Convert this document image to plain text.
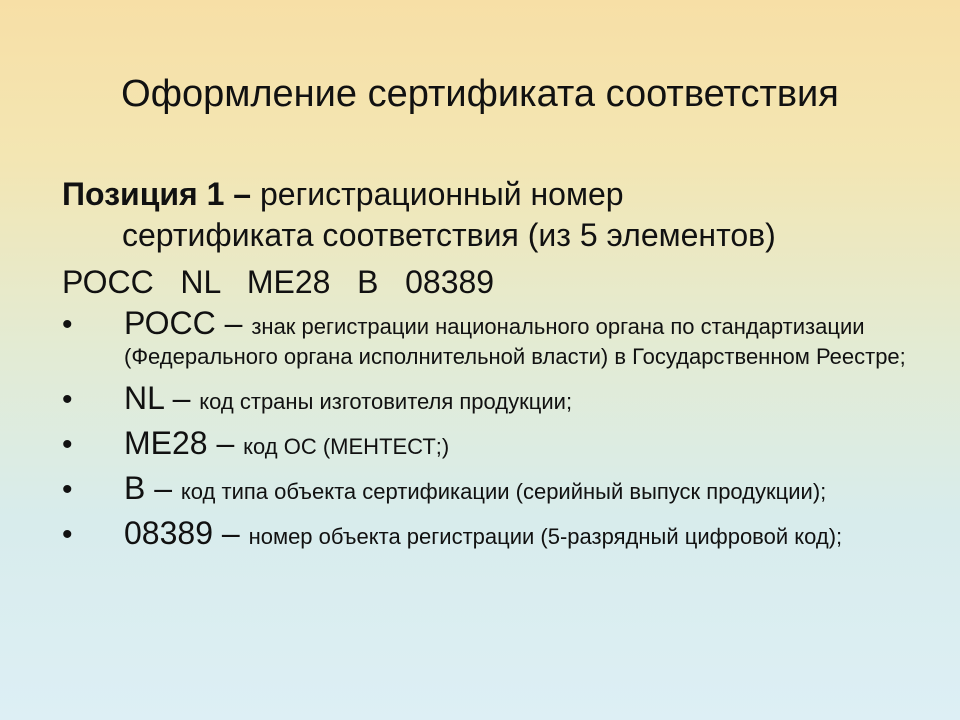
Оформление сертификата соответствия
Позиция 1 – регистрационный номер
сертификата соответствия (из 5 элементов)
РОСС NL МЕ28 В 08389
• РОСС – знак регистрации национального органа по стандартизации (Федерального органа исполнительной власти) в Государственном Реестре;
• NL – код страны изготовителя продукции;
• МЕ28 – код ОС (МЕНТЕСТ;)
• В – код типа объекта сертификации (серийный выпуск продукции);
• 08389 – номер объекта регистрации (5-разрядный цифровой код);
